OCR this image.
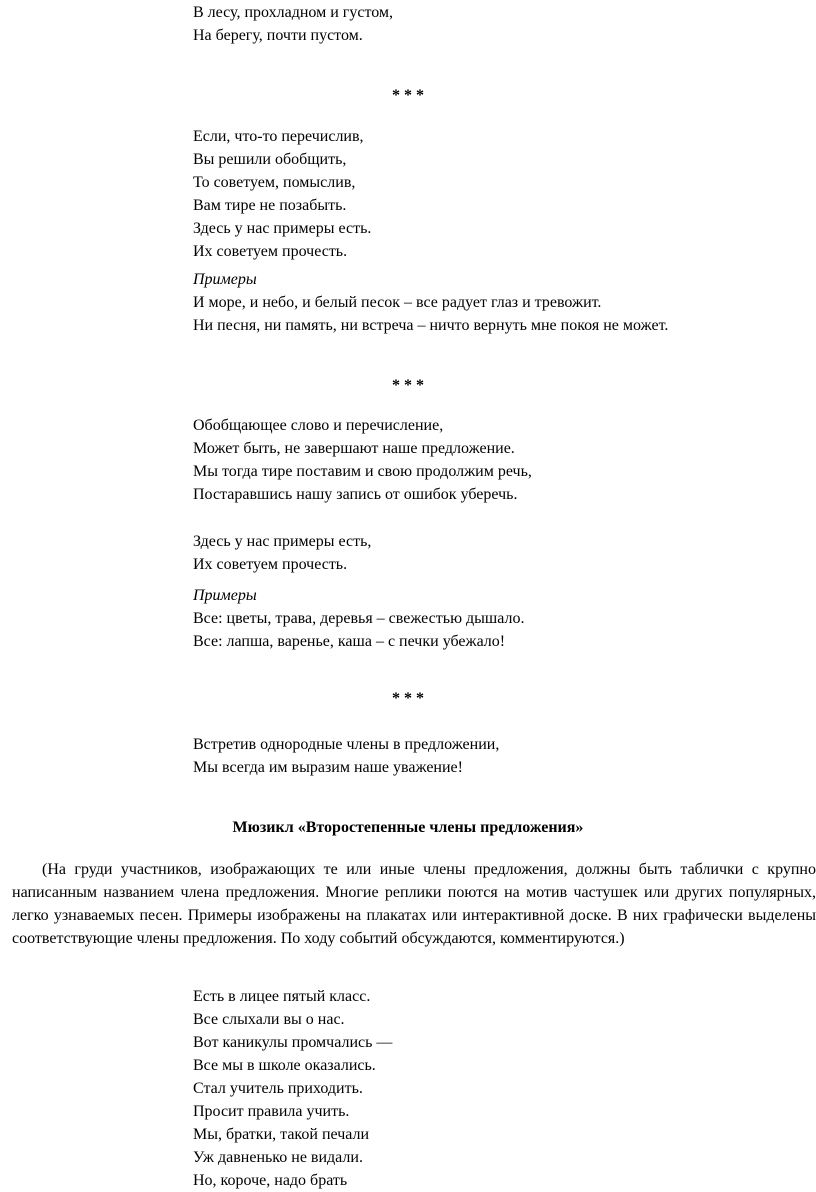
В лесу, прохладном и густом,
На берегу, почти пустом.
* * *
Если, что-то перечислив,
Вы решили обобщить,
То советуем, помыслив,
Вам тире не позабыть.
Здесь у нас примеры есть.
Их советуем прочесть.
Примеры
И море, и небо, и белый песок – все радует глаз и тревожит.
Ни песня, ни память, ни встреча – ничто вернуть мне покоя не может.
* * *
Обобщающее слово и перечисление,
Может быть, не завершают наше предложение.
Мы тогда тире поставим и свою продолжим речь,
Постаравшись нашу запись от ошибок уберечь.
Здесь у нас примеры есть,
Их советуем прочесть.
Примеры
Все: цветы, трава, деревья – свежестью дышало.
Все: лапша, варенье, каша – с печки убежало!
* * *
Встретив однородные члены в предложении,
Мы всегда им выразим наше уважение!
Мюзикл «Второстепенные члены предложения»
(На груди участников, изображающих те или иные члены предложения, должны быть таблички с крупно написанным названием члена предложения. Многие реплики поются на мотив частушек или других популярных, легко узнаваемых песен. Примеры изображены на плакатах или интерактивной доске. В них графически выделены соответствующие члены предложения. По ходу событий обсуждаются, комментируются.)
Есть в лицее пятый класс.
Все слыхали вы о нас.
Вот каникулы промчались —
Все мы в школе оказались.
Стал учитель приходить.
Просит правила учить.
Мы, братки, такой печали
Уж давненько не видали.
Но, короче, надо брать
